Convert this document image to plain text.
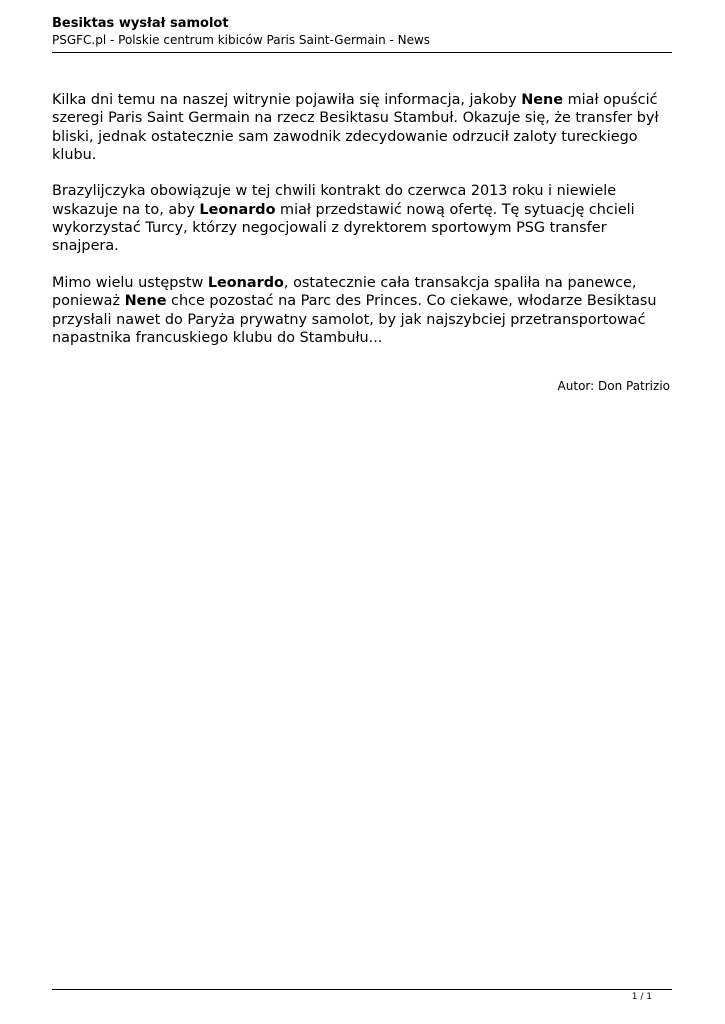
Besiktas wysłał samolot
PSGFC.pl - Polskie centrum kibiców Paris Saint-Germain - News

Kilka dni temu na naszej witrynie pojawiła się informacja, jakoby Nene miał opuścić szeregi Paris Saint Germain na rzecz Besiktasu Stambuł. Okazuje się, że transfer był bliski, jednak ostatecznie sam zawodnik zdecydowanie odrzucił zaloty tureckiego klubu.

Brazylijczyka obowiązuje w tej chwili kontrakt do czerwca 2013 roku i niewiele wskazuje na to, aby Leonardo miał przedstawić nową ofertę. Tę sytuację chcieli wykorzystać Turcy, którzy negocjowali z dyrektorem sportowym PSG transfer snajpera.

Mimo wielu ustępstw Leonardo, ostatecznie cała transakcja spaliła na panewce, ponieważ Nene chce pozostać na Parc des Princes. Co ciekawe, włodarze Besiktasu przysłali nawet do Paryża prywatny samolot, by jak najszybciej przetransportować napastnika francuskiego klubu do Stambułu...

Autor: Don Patrizio
1 / 1
